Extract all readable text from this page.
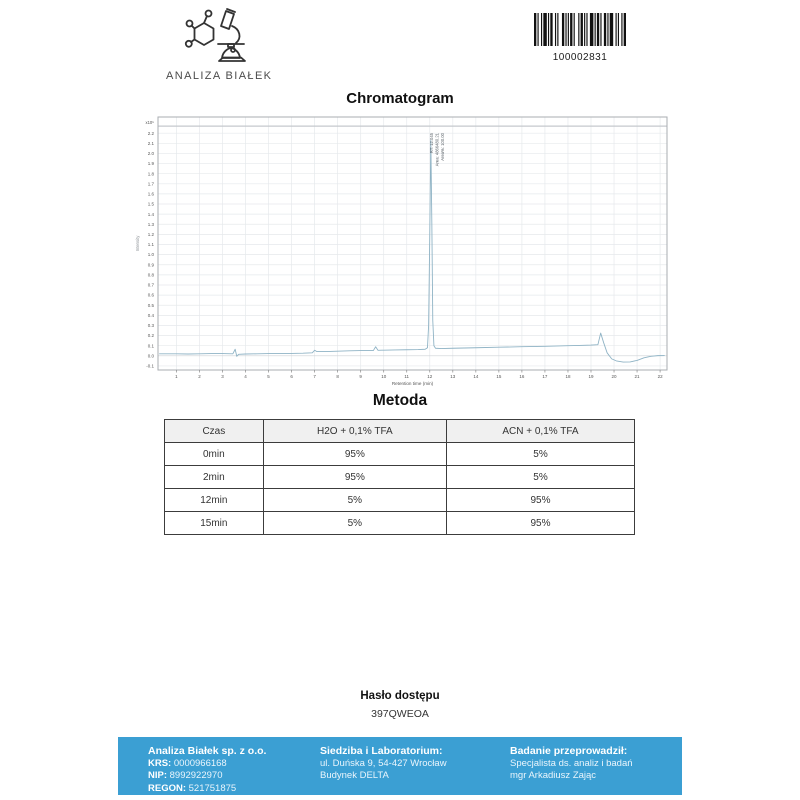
ANALIZA BIAŁEK
100002831
Chromatogram
RT: 12.045 Area: 4866480.21 Area%: 100.00
2.2
2.1
2.0
1.9
1.8
1.7
1.6
1.5
1.4
1.3
1.2
1.1
1.0
0.9
0.8
0.7
0.6
0.5
0.4
0.3
0.2
0.1
0.0
-0.1
1	2	3	4	5	6	7	8	9	10	11	12	13	14	15	16	17	18	19	20	21	22
x10⁵
Retention time (min)
Intensity
Metoda
Czas	H2O + 0,1% TFA	ACN + 0,1% TFA
0min	95%	5%
2min	95%	5%
12min	5%	95%
15min	5%	95%
Hasło dostępu
397QWEOA
Analiza Białek sp. z o.o.
KRS: 0000966168
NIP: 8992922970
REGON: 521751875
Siedziba i Laboratorium:
ul. Duńska 9, 54-427 Wrocław
Budynek DELTA
Badanie przeprowadził:
Specjalista ds. analiz i badań
mgr Arkadiusz Zając
